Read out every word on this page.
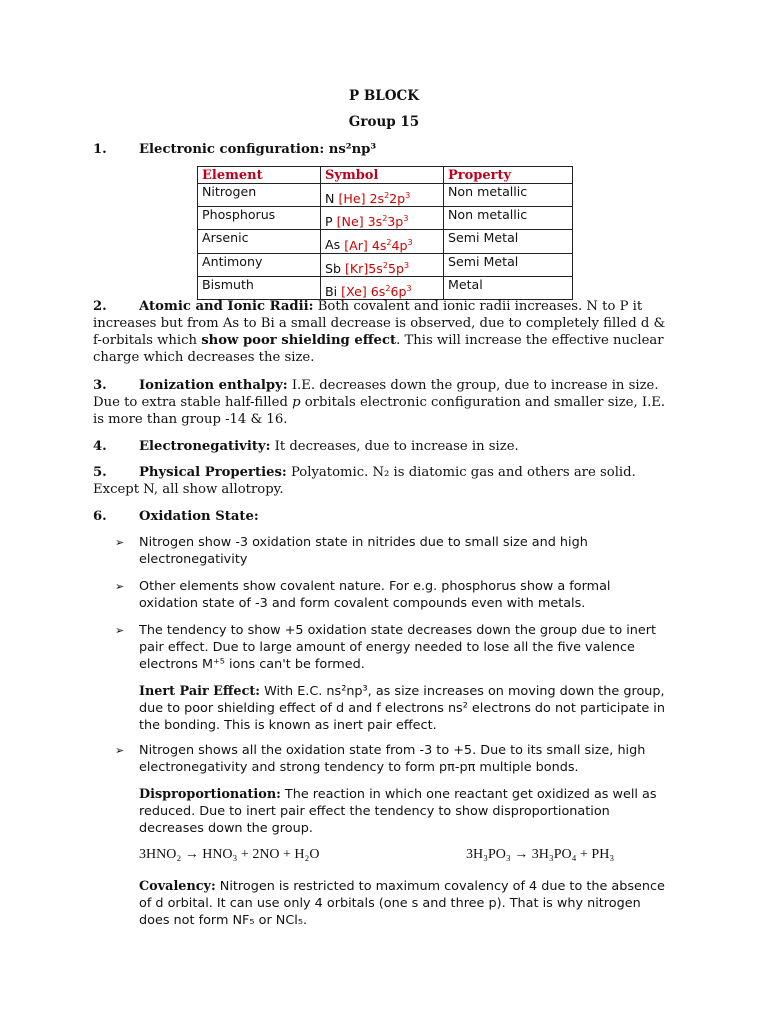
P BLOCK
Group 15
1. Electronic configuration: ns²np³
Element	Symbol	Property
Nitrogen	N [He] $2s^22p^3$	Non metallic
Phosphorus	P [Ne] $3s^23p^3$	Non metallic
Arsenic	As [Ar] $4s^24p^3$	Semi Metal
Antimony	Sb $[Kr]5s^25p^3$	Semi Metal
Bismuth	Bi [Xe] $6s^26p^3$	Metal
2. Atomic and Ionic Radii: Both covalent and ionic radii increases. N to P it increases but from As to Bi a small decrease is observed, due to completely filled d & f-orbitals which show poor shielding effect. This will increase the effective nuclear charge which decreases the size.
3. Ionization enthalpy: I.E. decreases down the group, due to increase in size. Due to extra stable half-filled p orbitals electronic configuration and smaller size, I.E. is more than group -14 & 16.
4. Electronegativity: It decreases, due to increase in size.
5. Physical Properties: Polyatomic. N₂ is diatomic gas and others are solid. Except N, all show allotropy.
6. Oxidation State:
➢ Nitrogen show -3 oxidation state in nitrides due to small size and high electronegativity
➢ Other elements show covalent nature. For e.g. phosphorus show a formal oxidation state of -3 and form covalent compounds even with metals.
➢ The tendency to show +5 oxidation state decreases down the group due to inert pair effect. Due to large amount of energy needed to lose all the five valence electrons M⁺⁵ ions can't be formed.
Inert Pair Effect: With E.C. ns²np³, as size increases on moving down the group, due to poor shielding effect of d and f electrons ns² electrons do not participate in the bonding. This is known as inert pair effect.
➢ Nitrogen shows all the oxidation state from -3 to +5. Due to its small size, high electronegativity and strong tendency to form pπ-pπ multiple bonds.
Disproportionation: The reaction in which one reactant get oxidized as well as reduced. Due to inert pair effect the tendency to show disproportionation decreases down the group.
3HNO₂ → HNO₃ + 2NO + H₂O	3H₃PO₃ → 3H₃PO₄ + PH₃
Covalency: Nitrogen is restricted to maximum covalency of 4 due to the absence of d orbital. It can use only 4 orbitals (one s and three p). That is why nitrogen does not form NF₅ or NCl₅.
